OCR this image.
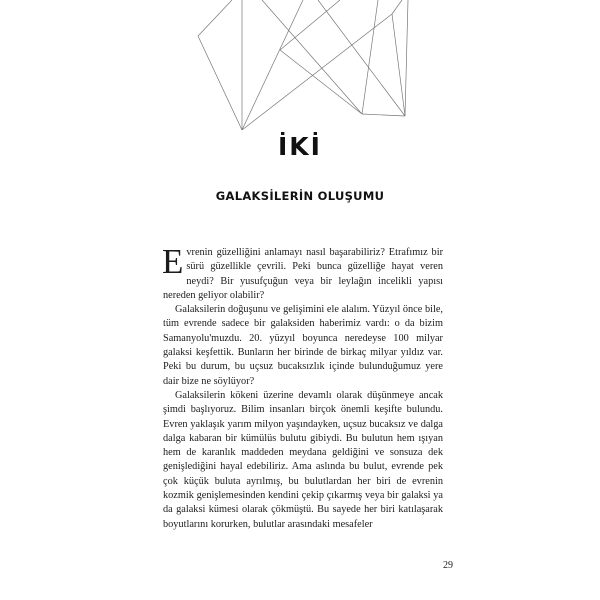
İKİ
GALAKSİLERİN OLUŞUMU

Evrenin güzelliğini anlamayı nasıl başarabiliriz? Etrafımız bir sürü güzellikle çevrili. Peki bunca güzelliğe hayat veren neydi? Bir yusufçuğun veya bir leylağın incelikli yapısı nereden geliyor olabilir?

Galaksilerin doğuşunu ve gelişimini ele alalım. Yüzyıl önce bile, tüm evrende sadece bir galaksiden haberimiz vardı: o da bizim Samanyolu'muzdu. 20. yüzyıl boyunca neredeyse 100 milyar galaksi keşfettik. Bunların her birinde de birkaç milyar yıldız var. Peki bu durum, bu uçsuz bucaksızlık içinde bulunduğumuz yere dair bize ne söylüyor?

Galaksilerin kökeni üzerine devamlı olarak düşünmeye ancak şimdi başlıyoruz. Bilim insanları birçok önemli keşifte bulundu. Evren yaklaşık yarım milyon yaşındayken, uçsuz bucaksız ve dalga dalga kabaran bir kümülüs bulutu gibiydi. Bu bulutun hem ışıyan hem de karanlık maddeden meydana geldiğini ve sonsuza dek genişlediğini hayal edebiliriz. Ama aslında bu bulut, evrende pek çok küçük buluta ayrılmış, bu bulutlardan her biri de evrenin kozmik genişlemesinden kendini çekip çıkarmış veya bir galaksi ya da galaksi kümesi olarak çökmüştü. Bu sayede her biri katılaşarak boyutlarını korurken, bulutlar arasındaki mesafeler

29
